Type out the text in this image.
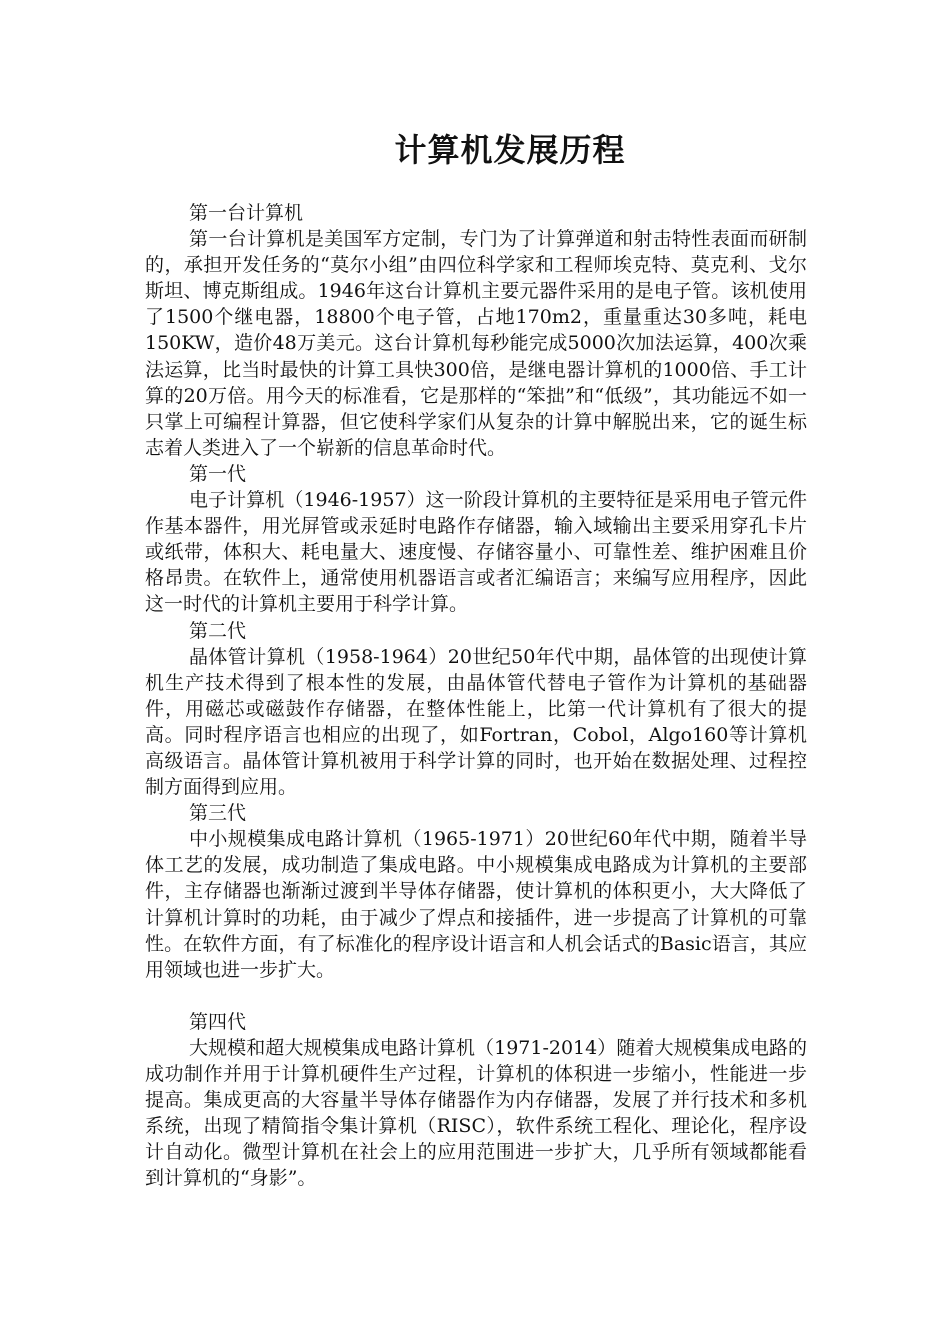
计算机发展历程

第一台计算机

第一台计算机是美国军方定制，专门为了计算弹道和射击特性表面而研制的，承担开发任务的“莫尔小组”由四位科学家和工程师埃克特、莫克利、戈尔斯坦、博克斯组成。1946年这台计算机主要元器件采用的是电子管。该机使用了1500个继电器，18800个电子管，占地170m2，重量重达30多吨，耗电150KW，造价48万美元。这台计算机每秒能完成5000次加法运算，400次乘法运算，比当时最快的计算工具快300倍，是继电器计算机的1000倍、手工计算的20万倍。用今天的标准看，它是那样的“笨拙”和“低级”，其功能远不如一只掌上可编程计算器，但它使科学家们从复杂的计算中解脱出来，它的诞生标志着人类进入了一个崭新的信息革命时代。

第一代

电子计算机（1946-1957）这一阶段计算机的主要特征是采用电子管元件作基本器件，用光屏管或汞延时电路作存储器，输入域输出主要采用穿孔卡片或纸带，体积大、耗电量大、速度慢、存储容量小、可靠性差、维护困难且价格昂贵。在软件上，通常使用机器语言或者汇编语言；来编写应用程序，因此这一时代的计算机主要用于科学计算。

第二代

晶体管计算机（1958-1964）20世纪50年代中期，晶体管的出现使计算机生产技术得到了根本性的发展，由晶体管代替电子管作为计算机的基础器件，用磁芯或磁鼓作存储器，在整体性能上，比第一代计算机有了很大的提高。同时程序语言也相应的出现了，如Fortran，Cobol，Algo160等计算机高级语言。晶体管计算机被用于科学计算的同时，也开始在数据处理、过程控制方面得到应用。

第三代

中小规模集成电路计算机（1965-1971）20世纪60年代中期，随着半导体工艺的发展，成功制造了集成电路。中小规模集成电路成为计算机的主要部件，主存储器也渐渐过渡到半导体存储器，使计算机的体积更小，大大降低了计算机计算时的功耗，由于减少了焊点和接插件，进一步提高了计算机的可靠性。在软件方面，有了标准化的程序设计语言和人机会话式的Basic语言，其应用领域也进一步扩大。

第四代

大规模和超大规模集成电路计算机（1971-2014）随着大规模集成电路的成功制作并用于计算机硬件生产过程，计算机的体积进一步缩小，性能进一步提高。集成更高的大容量半导体存储器作为内存储器，发展了并行技术和多机系统，出现了精简指令集计算机（RISC），软件系统工程化、理论化，程序设计自动化。微型计算机在社会上的应用范围进一步扩大，几乎所有领域都能看到计算机的“身影”。
